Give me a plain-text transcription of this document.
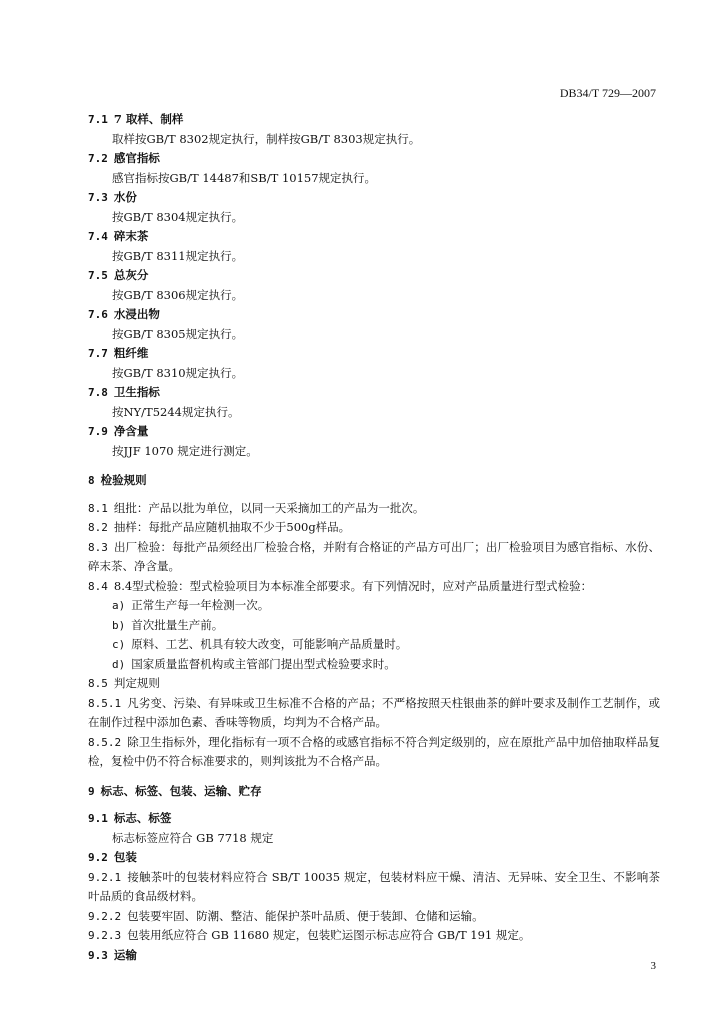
DB34/T 729—2007
7.1 7 取样、制样
取样按GB/T 8302规定执行，制样按GB/T 8303规定执行。
7.2 感官指标
感官指标按GB/T 14487和SB/T 10157规定执行。
7.3 水份
按GB/T 8304规定执行。
7.4 碎末茶
按GB/T 8311规定执行。
7.5 总灰分
按GB/T 8306规定执行。
7.6 水浸出物
按GB/T 8305规定执行。
7.7 粗纤维
按GB/T 8310规定执行。
7.8 卫生指标
按NY/T5244规定执行。
7.9 净含量
按JJF 1070 规定进行测定。
8 检验规则
8.1 组批：产品以批为单位，以同一天采摘加工的产品为一批次。
8.2 抽样：每批产品应随机抽取不少于500g样品。
8.3 出厂检验：每批产品须经出厂检验合格，并附有合格证的产品方可出厂；出厂检验项目为感官指标、水份、碎末茶、净含量。
8.4 8.4型式检验：型式检验项目为本标准全部要求。有下列情况时，应对产品质量进行型式检验：
a) 正常生产每一年检测一次。
b) 首次批量生产前。
c) 原料、工艺、机具有较大改变，可能影响产品质量时。
d) 国家质量监督机构或主管部门提出型式检验要求时。
8.5 判定规则
8.5.1 凡劣变、污染、有异味或卫生标准不合格的产品；不严格按照天柱银曲茶的鲜叶要求及制作工艺制作，或在制作过程中添加色素、香味等物质，均判为不合格产品。
8.5.2 除卫生指标外，理化指标有一项不合格的或感官指标不符合判定级别的，应在原批产品中加倍抽取样品复检，复检中仍不符合标准要求的，则判该批为不合格产品。
9 标志、标签、包装、运输、贮存
9.1 标志、标签
标志标签应符合 GB 7718 规定
9.2 包装
9.2.1 接触茶叶的包装材料应符合 SB/T 10035 规定，包装材料应干燥、清洁、无异味、安全卫生、不影响茶叶品质的食品级材料。
9.2.2 包装要牢固、防潮、整洁、能保护茶叶品质、便于装卸、仓储和运输。
9.2.3 包装用纸应符合 GB 11680 规定，包装贮运图示标志应符合 GB/T 191 规定。
9.3 运输
3
